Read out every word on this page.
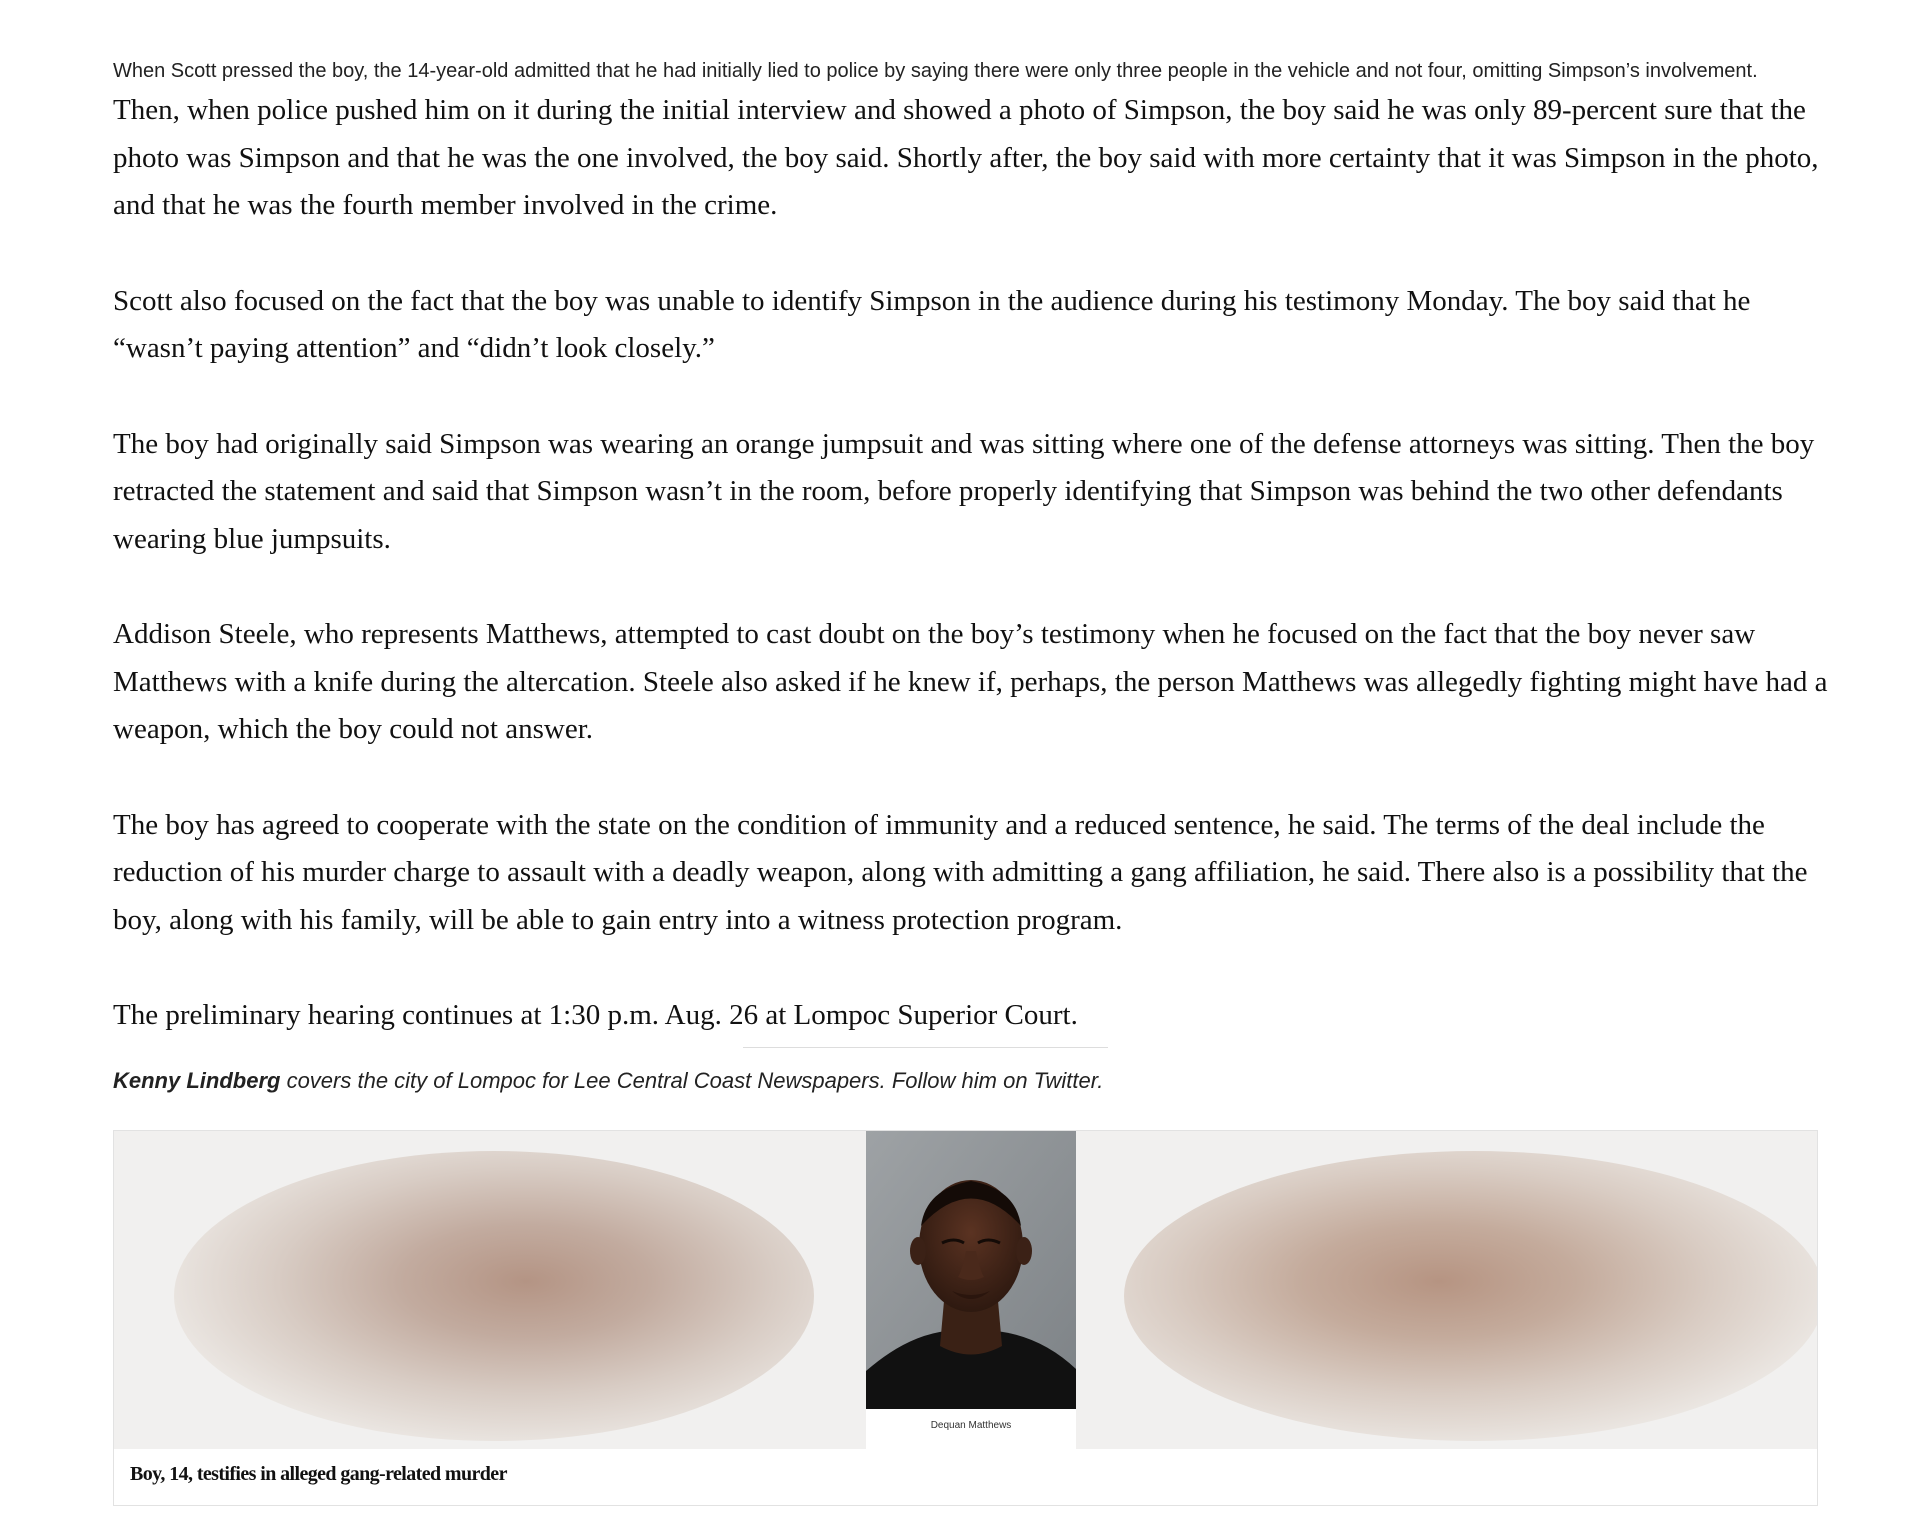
When Scott pressed the boy, the 14-year-old admitted that he had initially lied to police by saying there were only three people in the vehicle and not four, omitting Simpson’s involvement.

Then, when police pushed him on it during the initial interview and showed a photo of Simpson, the boy said he was only 89-percent sure that the photo was Simpson and that he was the one involved, the boy said. Shortly after, the boy said with more certainty that it was Simpson in the photo, and that he was the fourth member involved in the crime.

Scott also focused on the fact that the boy was unable to identify Simpson in the audience during his testimony Monday. The boy said that he “wasn’t paying attention” and “didn’t look closely.”

The boy had originally said Simpson was wearing an orange jumpsuit and was sitting where one of the defense attorneys was sitting. Then the boy retracted the statement and said that Simpson wasn’t in the room, before properly identifying that Simpson was behind the two other defendants wearing blue jumpsuits.

Addison Steele, who represents Matthews, attempted to cast doubt on the boy’s testimony when he focused on the fact that the boy never saw Matthews with a knife during the altercation. Steele also asked if he knew if, perhaps, the person Matthews was allegedly fighting might have had a weapon, which the boy could not answer.

The boy has agreed to cooperate with the state on the condition of immunity and a reduced sentence, he said. The terms of the deal include the reduction of his murder charge to assault with a deadly weapon, along with admitting a gang affiliation, he said. There also is a possibility that the boy, along with his family, will be able to gain entry into a witness protection program.

The preliminary hearing continues at 1:30 p.m. Aug. 26 at Lompoc Superior Court.

Kenny Lindberg covers the city of Lompoc for Lee Central Coast Newspapers. Follow him on Twitter.

Dequan Matthews
Boy, 14, testifies in alleged gang-related murder
